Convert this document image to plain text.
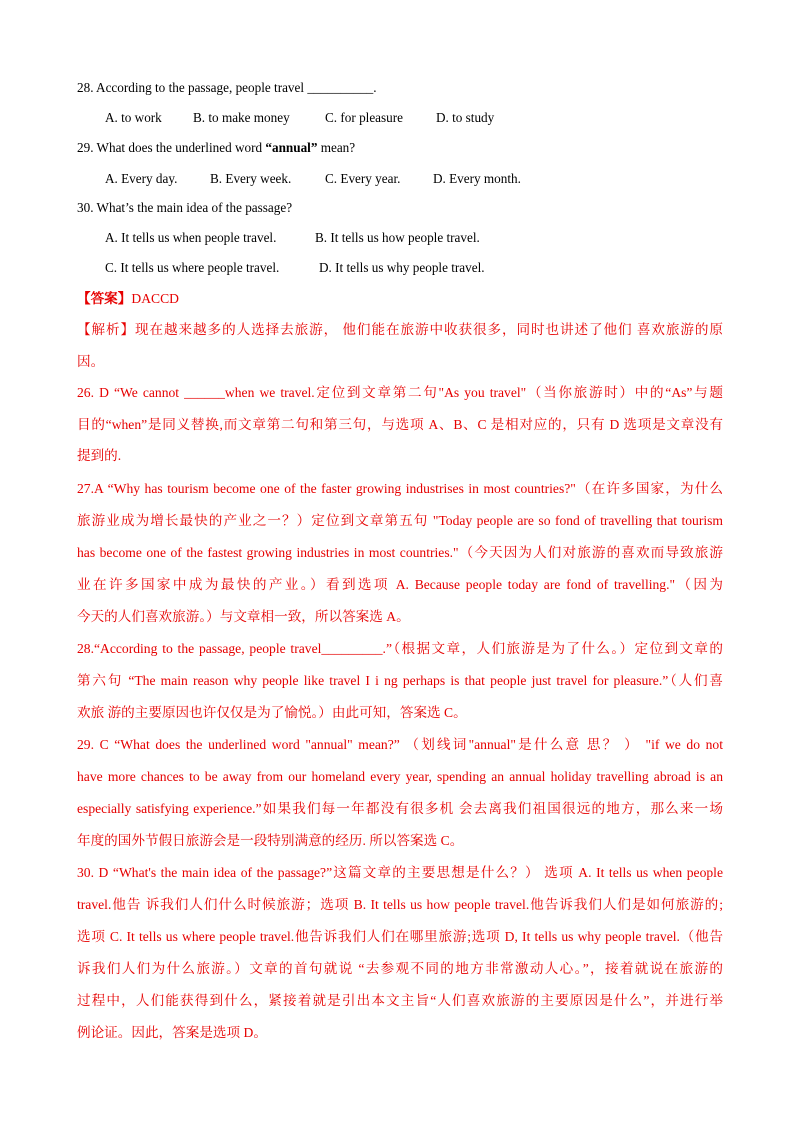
28. According to the passage, people travel __________.
A. to work B. to make money	C. for pleasure	D. to study
29. What does the underlined word “annual” mean?
A. Every day. B. Every week.	C. Every year. D. Every month.
30. What’s the main idea of the passage?
A. It tells us when people travel.	B. It tells us how people travel.
C. It tells us where people travel.	D. It tells us why people travel.
【答案】DACCD
【解析】现在越来越多的人选择去旅游， 他们能在旅游中收获很多，同时也讲述了他们 喜欢旅游的原
因。
26. D “We cannot ______when we travel.定位到文章第二句"As you travel"（当你旅游时）中的“As”与题
目的“when”是同义替换,而文章第二句和第三句，与选项 A、B、C 是相对应的，只有 D 选项是文章没有
提到的.
27.A “Why has tourism become one of the faster growing industrises in most countries?"（在许多国家，为什么
旅游业成为增长最快的产业之一？）定位到文章第五句 "Today people are so fond of travelling that tourism
has become one of the fastest growing industries in most countries."（今天因为人们对旅游的喜欢而导致旅游
业在许多国家中成为最快的产业。）看到选项 A. Because people today are fond of travelling."（因为
今天的人们喜欢旅游。）与文章相一致，所以答案选 A。
28.“According to the passage, people travel_________.”（根据文章，人们旅游是为了什么。）定位到文章的
第六句 “The main reason why people like travel I i ng perhaps is that people just travel for pleasure.”（人们喜
欢旅 游的主要原因也许仅仅是为了愉悦。）由此可知，答案选 C。
29. C “What does the underlined word "annual" mean?” （划线词"annual"是什么意 思？ ） "if we do not
have more chances to be away from our homeland every year, spending an annual holiday travelling abroad is an
especially satisfying experience.”如果我们每一年都没有很多机 会去离我们祖国很远的地方，那么来一场
年度的国外节假日旅游会是一段特别满意的经历. 所以答案选 C。
30. D “What's the main idea of the passage?”这篇文章的主要思想是什么？） 选项 A. It tells us when people
travel.他告 诉我们人们什么时候旅游；选项 B. It tells us how people travel.他告诉我们人们是如何旅游的;
选项 C. It tells us where people travel.他告诉我们人们在哪里旅游;选项 D, It tells us why people travel.（他告
诉我们人们为什么旅游。）文章的首句就说 “去参观不同的地方非常激动人心。”，接着就说在旅游的
过程中，人们能获得到什么，紧接着就是引出本文主旨“人们喜欢旅游的主要原因是什么”，并进行举
例论证。因此，答案是选项 D。
